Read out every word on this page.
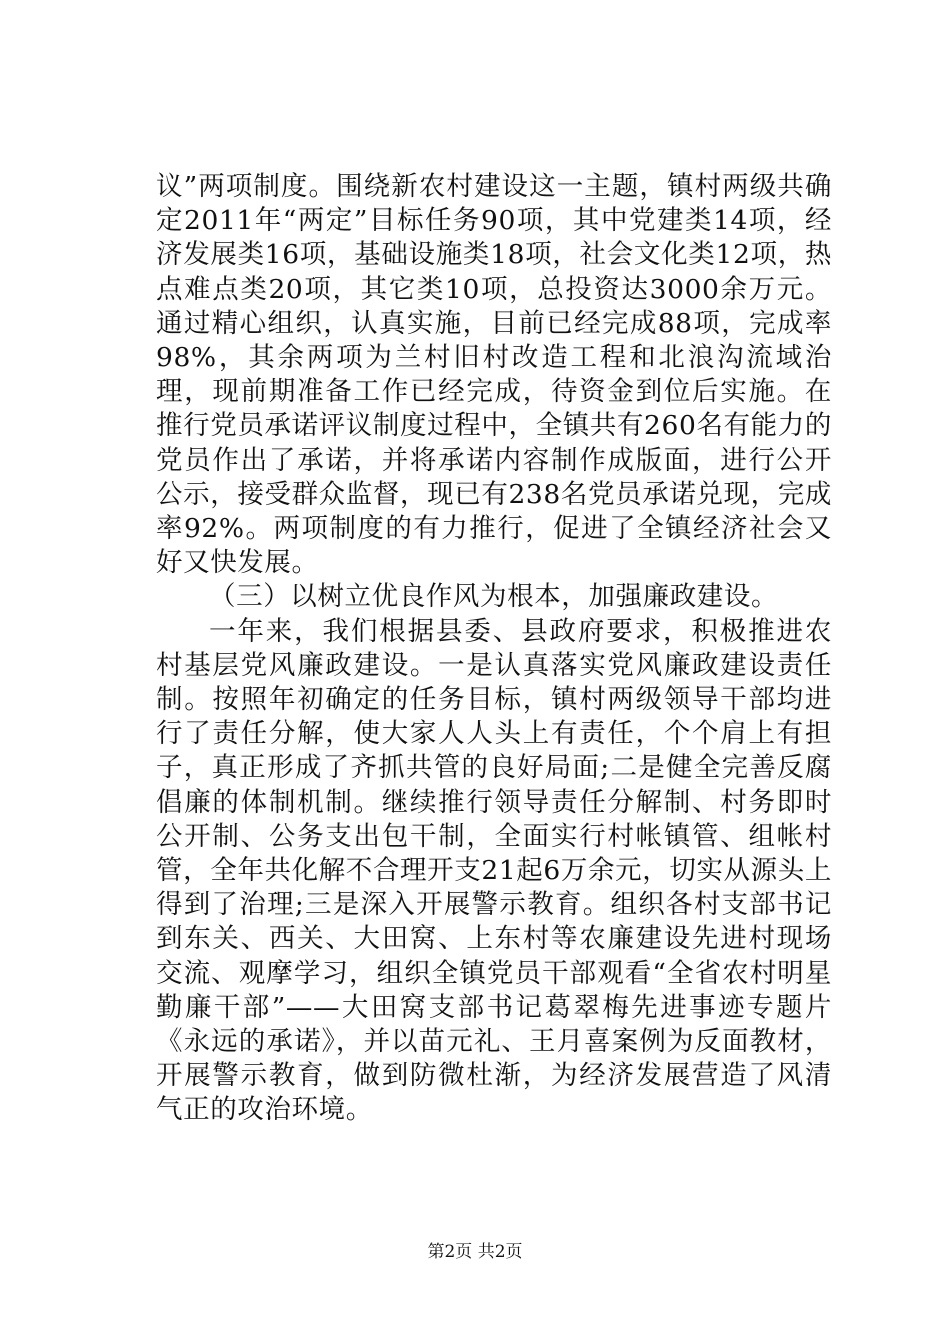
议”两项制度。围绕新农村建设这一主题，镇村两级共确定2011年“两定”目标任务90项，其中党建类14项，经济发展类16项，基础设施类18项，社会文化类12项，热点难点类20项，其它类10项，总投资达3000余万元。通过精心组织，认真实施，目前已经完成88项，完成率98%，其余两项为兰村旧村改造工程和北浪沟流域治理，现前期准备工作已经完成，待资金到位后实施。在推行党员承诺评议制度过程中，全镇共有260名有能力的党员作出了承诺，并将承诺内容制作成版面，进行公开公示，接受群众监督，现已有238名党员承诺兑现，完成率92%。两项制度的有力推行，促进了全镇经济社会又好又快发展。

（三）以树立优良作风为根本，加强廉政建设。

一年来，我们根据县委、县政府要求，积极推进农村基层党风廉政建设。一是认真落实党风廉政建设责任制。按照年初确定的任务目标，镇村两级领导干部均进行了责任分解，使大家人人头上有责任，个个肩上有担子，真正形成了齐抓共管的良好局面;二是健全完善反腐倡廉的体制机制。继续推行领导责任分解制、村务即时公开制、公务支出包干制，全面实行村帐镇管、组帐村管，全年共化解不合理开支21起6万余元，切实从源头上得到了治理;三是深入开展警示教育。组织各村支部书记到东关、西关、大田窝、上东村等农廉建设先进村现场交流、观摩学习，组织全镇党员干部观看“全省农村明星勤廉干部”——大田窝支部书记葛翠梅先进事迹专题片《永远的承诺》，并以苗元礼、王月喜案例为反面教材，开展警示教育，做到防微杜渐，为经济发展营造了风清气正的攻治环境。

第2页 共2页
